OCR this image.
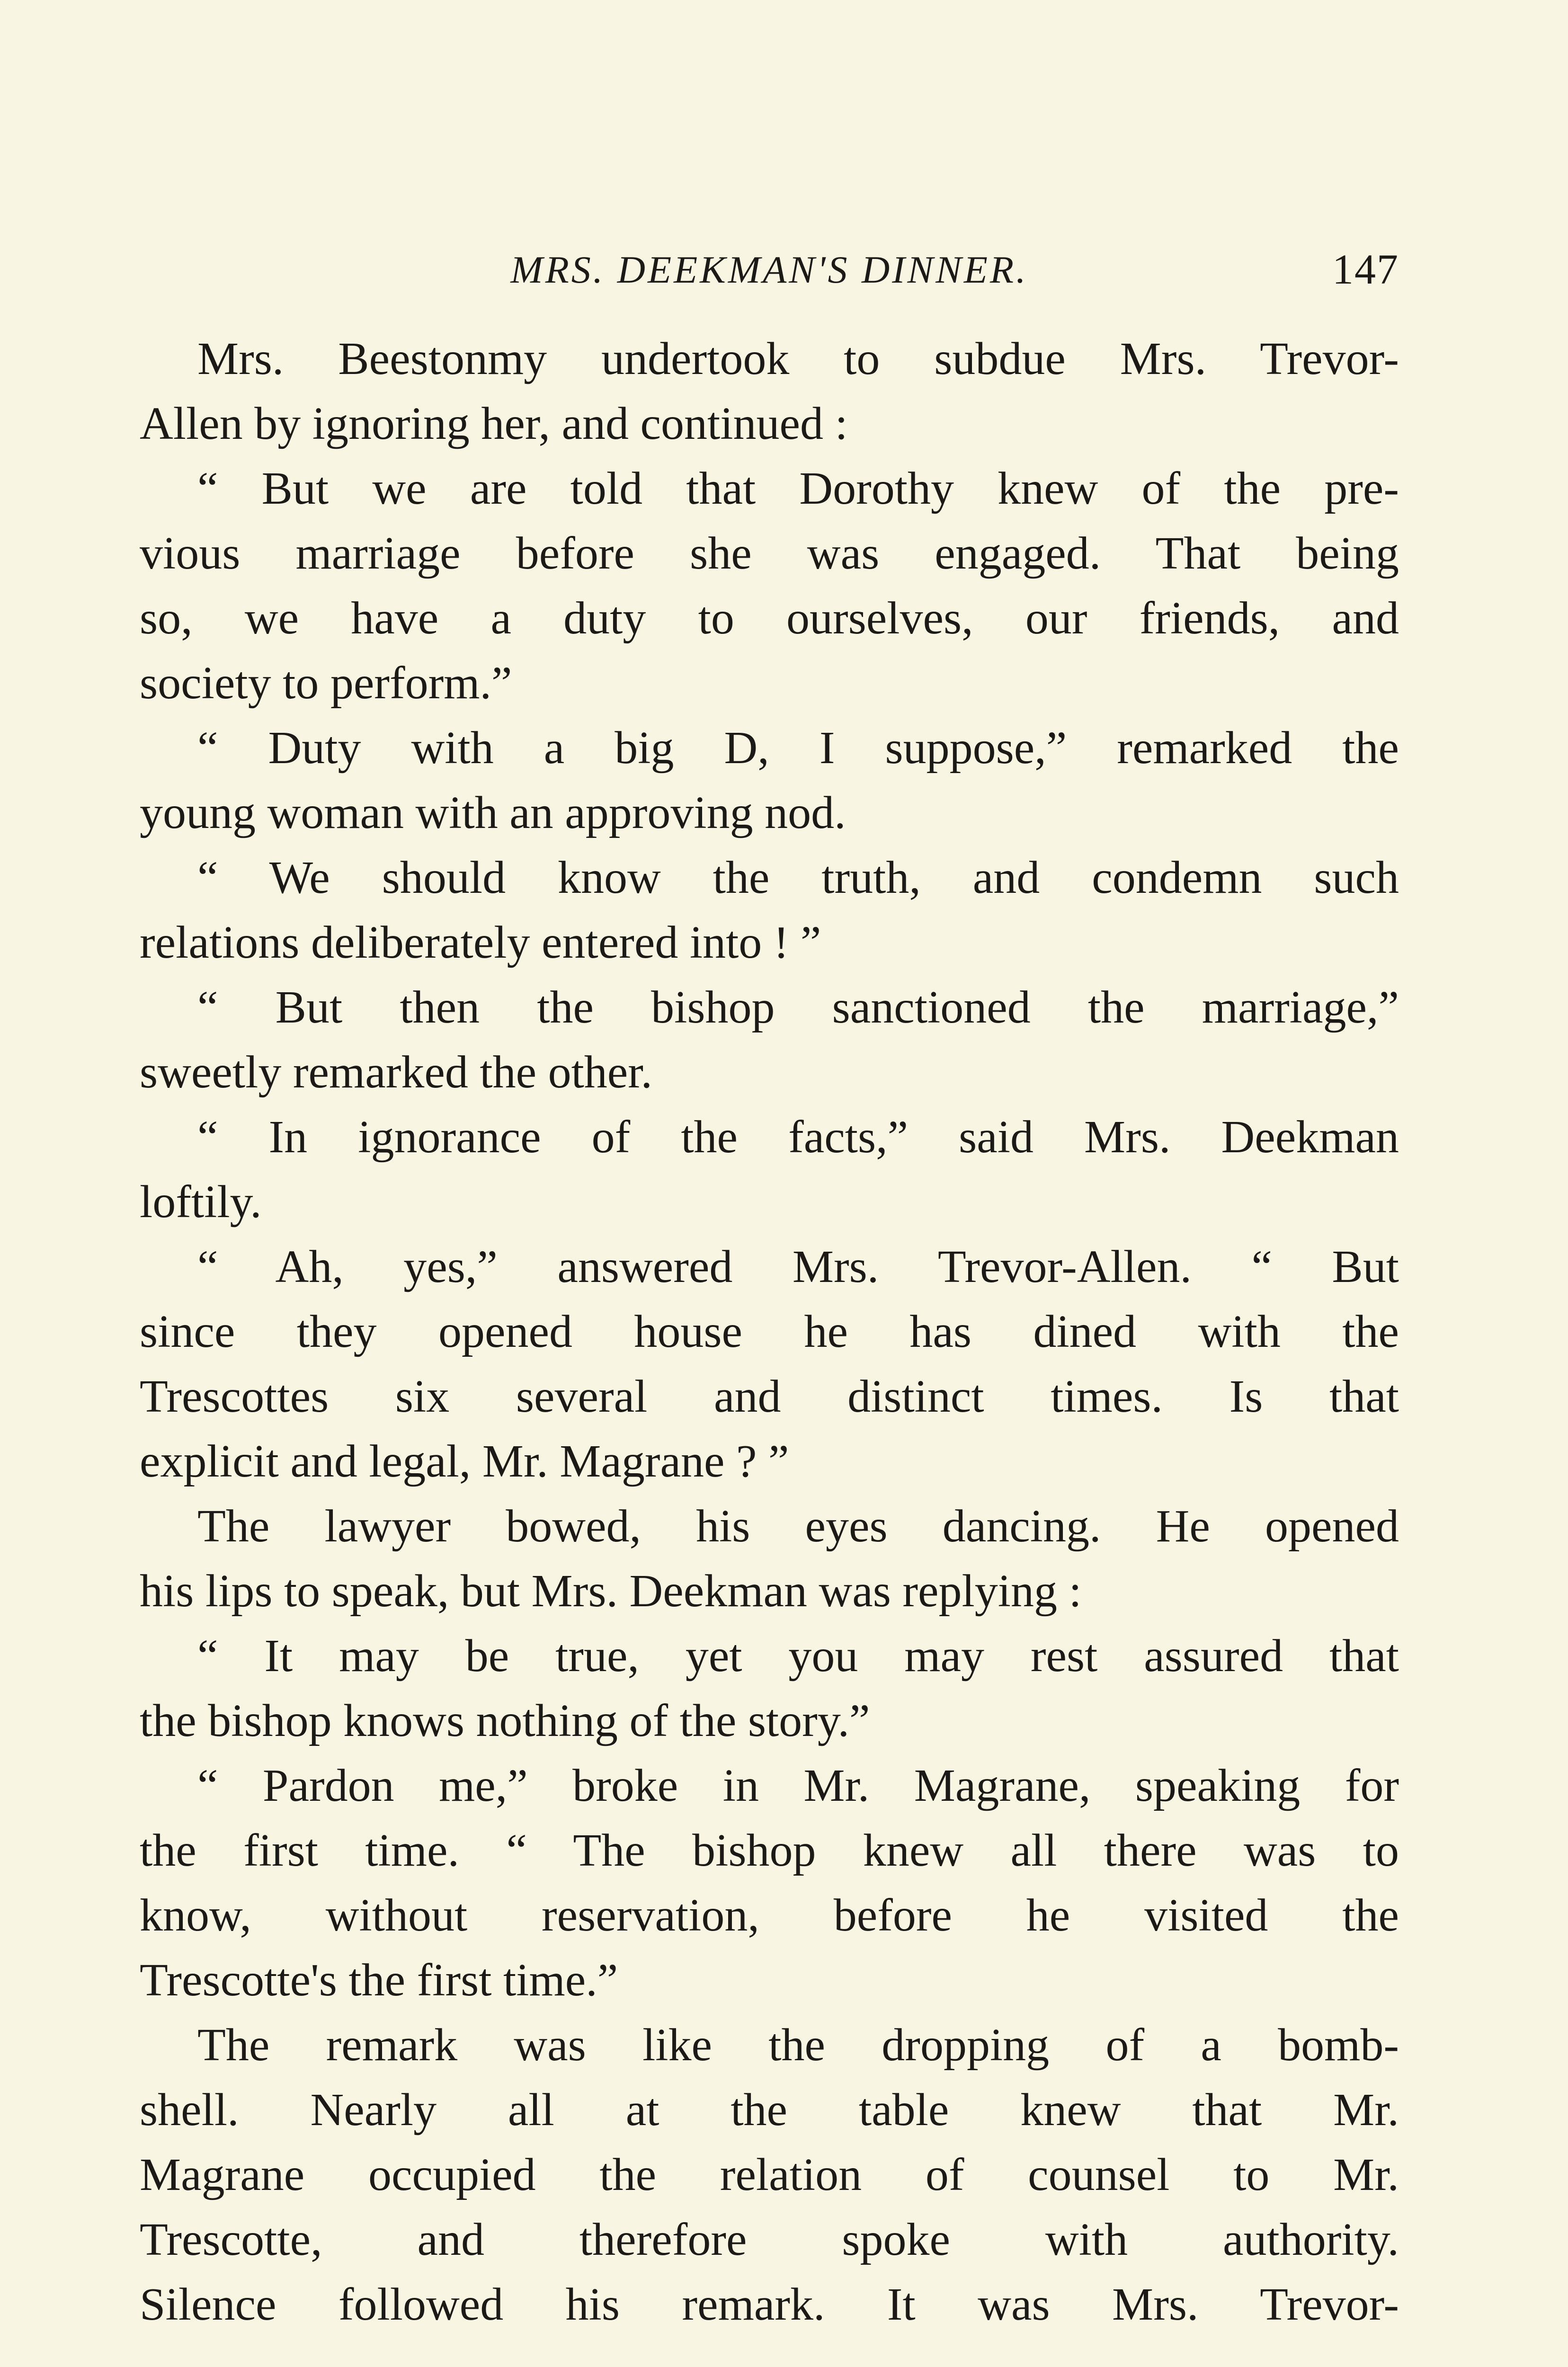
MRS. DEEKMAN'S DINNER.	147
Mrs. Beestonmy undertook to subdue Mrs. Trevor-
Allen by ignoring her, and continued :
“ But we are told that Dorothy knew of the pre-
vious marriage before she was engaged. That being
so, we have a duty to ourselves, our friends, and
society to perform.”
“ Duty with a big D, I suppose,” remarked the
young woman with an approving nod.
“ We should know the truth, and condemn such
relations deliberately entered into ! ”
“ But then the bishop sanctioned the marriage,”
sweetly remarked the other.
“ In ignorance of the facts,” said Mrs. Deekman
loftily.
“ Ah, yes,” answered Mrs. Trevor-Allen. “ But
since they opened house he has dined with the
Trescottes six several and distinct times. Is that
explicit and legal, Mr. Magrane ? ”
The lawyer bowed, his eyes dancing. He opened
his lips to speak, but Mrs. Deekman was replying :
“ It may be true, yet you may rest assured that
the bishop knows nothing of the story.”
“ Pardon me,” broke in Mr. Magrane, speaking for
the first time. “ The bishop knew all there was to
know, without reservation, before he visited the
Trescotte's the first time.”
The remark was like the dropping of a bomb-
shell. Nearly all at the table knew that Mr.
Magrane occupied the relation of counsel to Mr.
Trescotte, and therefore spoke with authority.
Silence followed his remark. It was Mrs. Trevor-
